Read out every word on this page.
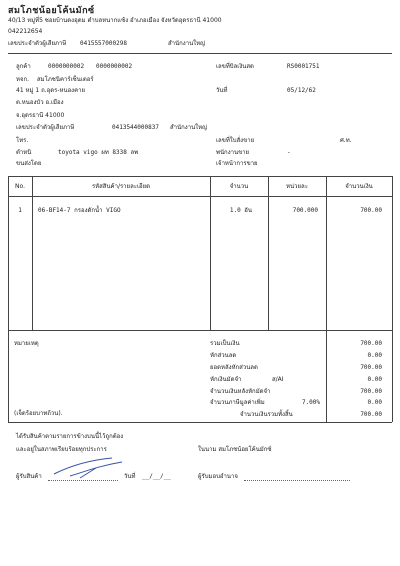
สมโภชน้อยโค้นมักซ์
40/13 หมู่ที่5 ซอยบ้านดงอุดม ตำบลหนากแซ้ง อำเภอเมือง จังหวัดอุดรธานี 41000
042212654
เลขประจำตัวผู้เสียภาษี 0415557000298	สำนักงานใหญ่
ลูกค้า	0000000002 0000000002
หจก. สมโภชนิคาร์เซ็นเตอร์
41 หมู่ 1 ถ.อุดร-หนองคาย
ต.หนองบัว อ.เมือง
จ.อุดรธานี 41000
เลขประจำตัวผู้เสียภาษี	0413544000837 สำนักงานใหญ่
โทร.
ตำหนิ	toyota vigo ผท 8338 ลพ
ขนส่งโดย
เลขที่บิลเงินสด	RS0001751
วันที่	05/12/62
เลขที่ใบสั่งขาย	ศ.ท.
พนักงานขาย	-
เจ้าหน้าการขาย
No.	รหัสสินค้า/รายละเอียด	จำนวน	หน่วยละ	จำนวนเงิน
1	06-BF14-7 กรองดักน้ำ VIGO	1.0 อัน	700.000	700.00
หมายเหตุ
(เจ็ดร้อยบาทถ้วน).
รวมเป็นเงิน	700.00
หักส่วนลด	0.00
ยอดหลังหักส่วนลด	700.00
หักเงินมัดจำ	ส/AI	0.00
จำนวนเงินหลังหักมัดจำ	700.00
จำนวนภาษีมูลค่าเพิ่ม	7.00%	0.00
จำนวนเงินรวมทั้งสิ้น	700.00
ได้รับสินค้าตามรายการข้างบนนี้ไว้ถูกต้อง
และอยู่ในสภาพเรียบร้อยทุกประการ	ในนาม สมโภชน้อยโค้นมักซ์
ผู้รับสินค้า	วันที่ __/__/__	ผู้รับมอบอำนาจ
